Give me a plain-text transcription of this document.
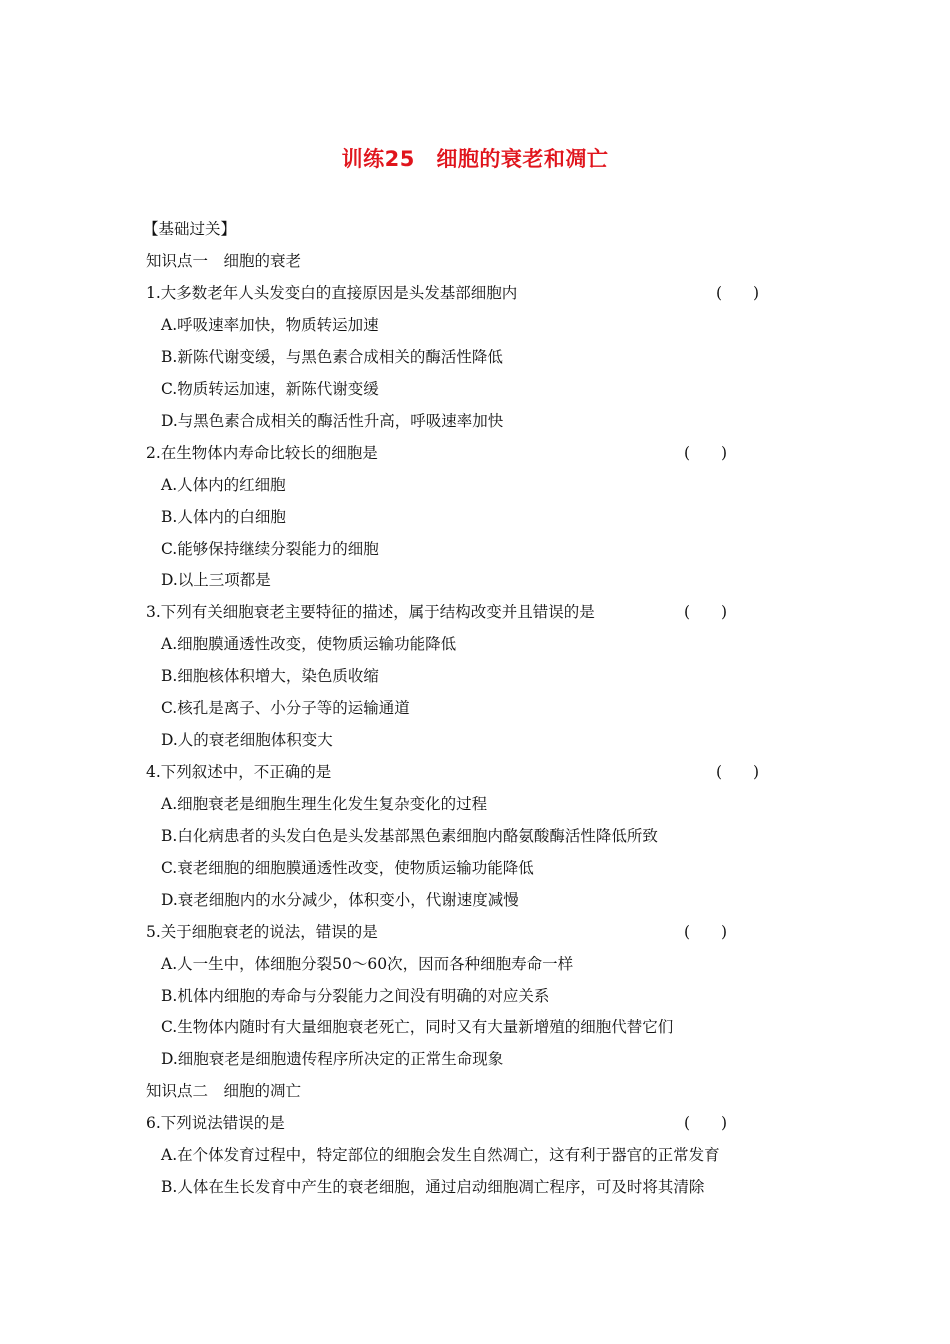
训练25　细胞的衰老和凋亡
【基础过关】
知识点一　细胞的衰老
1.大多数老年人头发变白的直接原因是头发基部细胞内	(　　)
A.呼吸速率加快，物质转运加速
B.新陈代谢变缓，与黑色素合成相关的酶活性降低
C.物质转运加速，新陈代谢变缓
D.与黑色素合成相关的酶活性升高，呼吸速率加快
2.在生物体内寿命比较长的细胞是	(　　)
A.人体内的红细胞
B.人体内的白细胞
C.能够保持继续分裂能力的细胞
D.以上三项都是
3.下列有关细胞衰老主要特征的描述，属于结构改变并且错误的是	(　　)
A.细胞膜通透性改变，使物质运输功能降低
B.细胞核体积增大，染色质收缩
C.核孔是离子、小分子等的运输通道
D.人的衰老细胞体积变大
4.下列叙述中，不正确的是	(　　)
A.细胞衰老是细胞生理生化发生复杂变化的过程
B.白化病患者的头发白色是头发基部黑色素细胞内酪氨酸酶活性降低所致
C.衰老细胞的细胞膜通透性改变，使物质运输功能降低
D.衰老细胞内的水分减少，体积变小，代谢速度减慢
5.关于细胞衰老的说法，错误的是	(　　)
A.人一生中，体细胞分裂50～60次，因而各种细胞寿命一样
B.机体内细胞的寿命与分裂能力之间没有明确的对应关系
C.生物体内随时有大量细胞衰老死亡，同时又有大量新增殖的细胞代替它们
D.细胞衰老是细胞遗传程序所决定的正常生命现象
知识点二　细胞的凋亡
6.下列说法错误的是	(　　)
A.在个体发育过程中，特定部位的细胞会发生自然凋亡，这有利于器官的正常发育
B.人体在生长发育中产生的衰老细胞，通过启动细胞凋亡程序，可及时将其清除
